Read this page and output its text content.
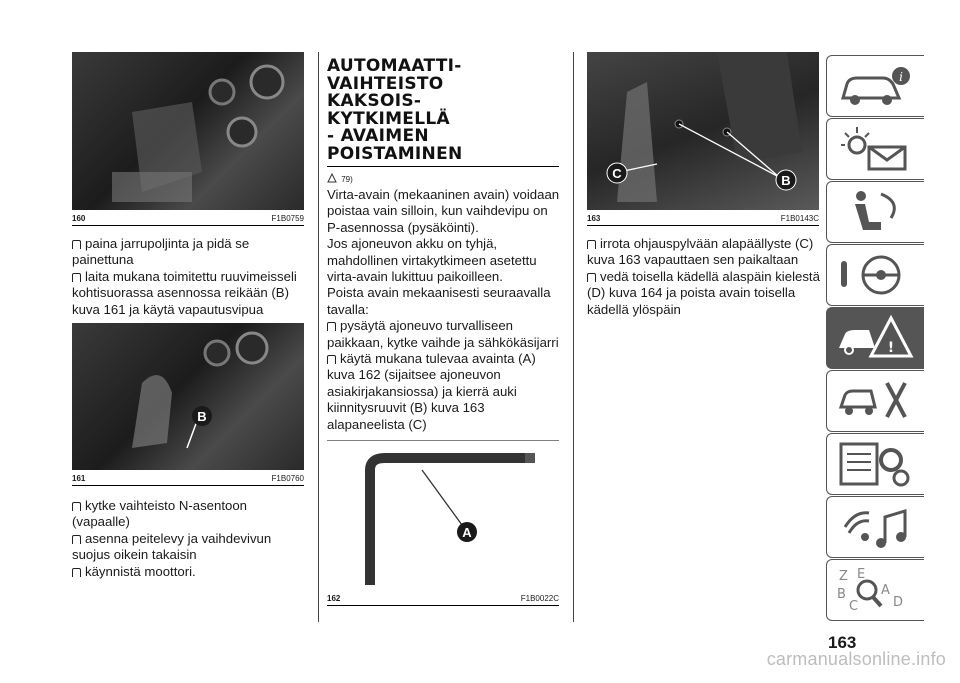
160	F1B0759

paina jarrupoljinta ja pidä se painettuna

laita mukana toimitettu ruuvimeisseli kohtisuorassa asennossa reikään (B) kuva 161 ja käytä vapautusvipua

B
161	F1B0760

kytke vaihteisto N-asentoon (vapaalle)

asenna peitelevy ja vaihdevivun suojus oikein takaisin

käynnistä moottori.

AUTOMAATTI-
VAIHTEISTO
KAKSOIS-
KYTKIMELLÄ
- AVAIMEN
POISTAMINEN
79)

Virta-avain (mekaaninen avain) voidaan poistaa vain silloin, kun vaihdevipu on P-asennossa (pysäköinti).

Jos ajoneuvon akku on tyhjä, mahdollinen virtakytkimeen asetettu virta-avain lukittuu paikoilleen.

Poista avain mekaanisesti seuraavalla tavalla:

pysäytä ajoneuvo turvalliseen paikkaan, kytke vaihde ja sähkökäsijarri

käytä mukana tulevaa avainta (A) kuva 162 (sijaitsee ajoneuvon asiakirjakansiossa) ja kierrä auki kiinnitysruuvit (B) kuva 163 alapaneelista (C)

A
162	F1B0022C
C	B
163	F1B0143C

irrota ohjauspylvään alapäällyste (C) kuva 163 vapauttaen sen paikaltaan

vedä toisella kädellä alaspäin kielestä (D) kuva 164 ja poista avain toisella kädellä ylöspäin

i
!
Z E
B
C
A
D
163
carmanualsonline.info
